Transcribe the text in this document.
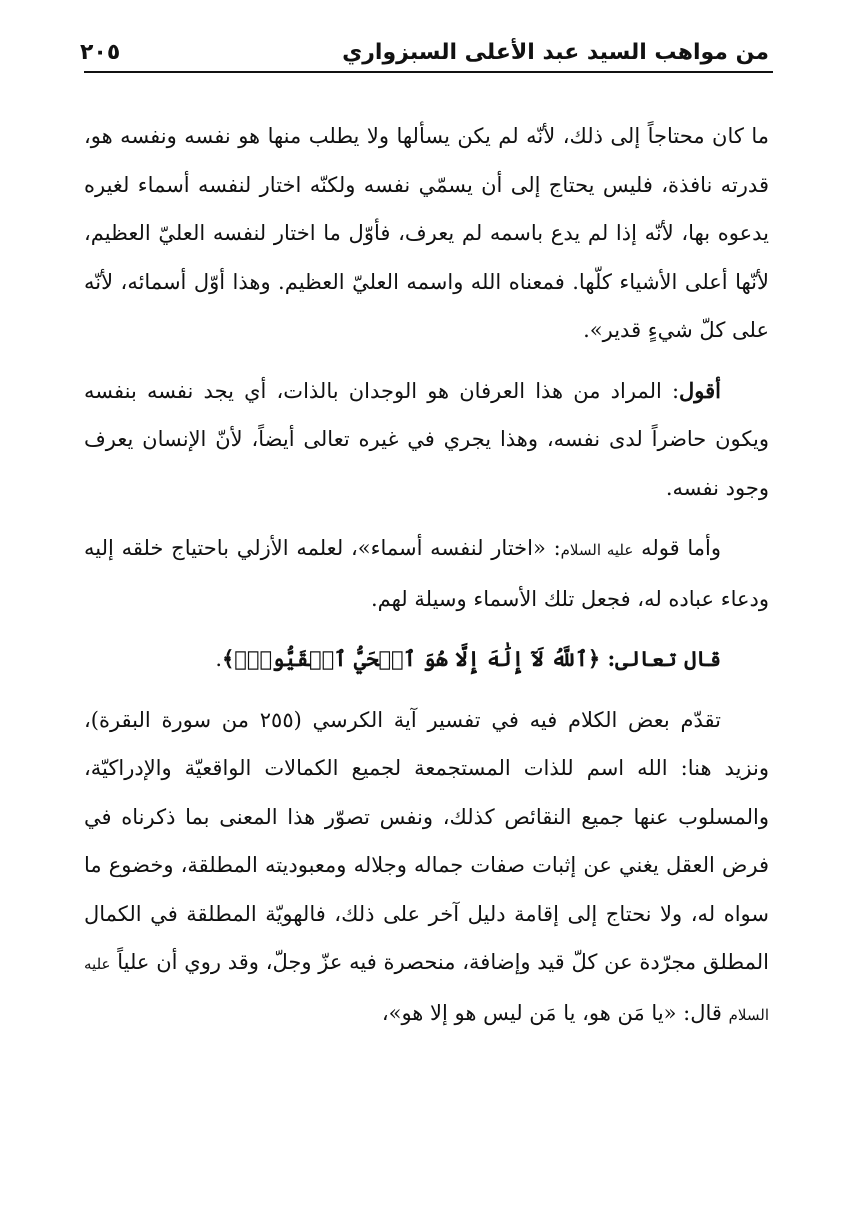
من مواهب السيد عبد الأعلى السبزواري
٢٠٥

ما كان محتاجاً إلى ذلك، لأنّه لم يكن يسألها ولا يطلب منها هو نفسه ونفسه هو، قدرته نافذة، فليس يحتاج إلى أن يسمّي نفسه ولكنّه اختار لنفسه أسماء لغيره يدعوه بها، لأنّه إذا لم يدع باسمه لم يعرف، فأوّل ما اختار لنفسه العليّ العظيم، لأنّها أعلى الأشياء كلّها. فمعناه الله واسمه العليّ العظيم. وهذا أوّل أسمائه، لأنّه على كلّ شيءٍ قدير».

أقول: المراد من هذا العرفان هو الوجدان بالذات، أي يجد نفسه بنفسه ويكون حاضراً لدى نفسه، وهذا يجري في غيره تعالى أيضاً، لأنّ الإنسان يعرف وجود نفسه.

وأما قوله عليه السلام: «اختار لنفسه أسماء»، لعلمه الأزلي باحتياج خلقه إليه ودعاء عباده له، فجعل تلك الأسماء وسيلة لهم.

قال تعالى: ﴿ٱللَّهُ لَآ إِلَٰهَ إِلَّا هُوَ ٱلۡحَيُّ ٱلۡقَيُّومُۚ﴾.

تقدّم بعض الكلام فيه في تفسير آية الكرسي (٢٥٥ من سورة البقرة)، ونزيد هنا: الله اسم للذات المستجمعة لجميع الكمالات الواقعيّة والإدراكيّة، والمسلوب عنها جميع النقائص كذلك، ونفس تصوّر هذا المعنى بما ذكرناه في فرض العقل يغني عن إثبات صفات جماله وجلاله ومعبوديته المطلقة، وخضوع ما سواه له، ولا نحتاج إلى إقامة دليل آخر على ذلك، فالهويّة المطلقة في الكمال المطلق مجرّدة عن كلّ قيد وإضافة، منحصرة فيه عزّ وجلّ، وقد روي أن علياً عليه السلام قال: «يا مَن هو، يا مَن ليس هو إلا هو»،
